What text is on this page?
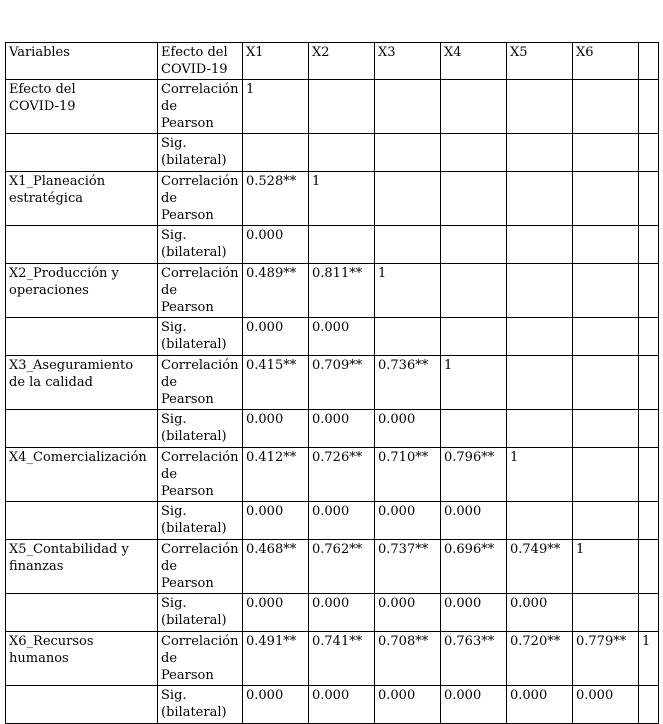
Variables	Efecto del
COVID-19	X1	X2	X3	X4	X5	X6	
Efecto del
COVID-19	Correlación
de
Pearson	1						
	Sig.
(bilateral)							
X1_Planeación
estratégica	Correlación
de
Pearson	0.528**	1					
	Sig.
(bilateral)	0.000						
X2_Producción y
operaciones	Correlación
de
Pearson	0.489**	0.811**	1				
	Sig.
(bilateral)	0.000	0.000					
X3_Aseguramiento
de la calidad	Correlación
de
Pearson	0.415**	0.709**	0.736**	1			
	Sig.
(bilateral)	0.000	0.000	0.000				
X4_Comercialización	Correlación
de
Pearson	0.412**	0.726**	0.710**	0.796**	1		
	Sig.
(bilateral)	0.000	0.000	0.000	0.000			
X5_Contabilidad y
finanzas	Correlación
de
Pearson	0.468**	0.762**	0.737**	0.696**	0.749**	1	
	Sig.
(bilateral)	0.000	0.000	0.000	0.000	0.000		
X6_Recursos
humanos	Correlación
de
Pearson	0.491**	0.741**	0.708**	0.763**	0.720**	0.779**	1
	Sig.
(bilateral)	0.000	0.000	0.000	0.000	0.000	0.000	
